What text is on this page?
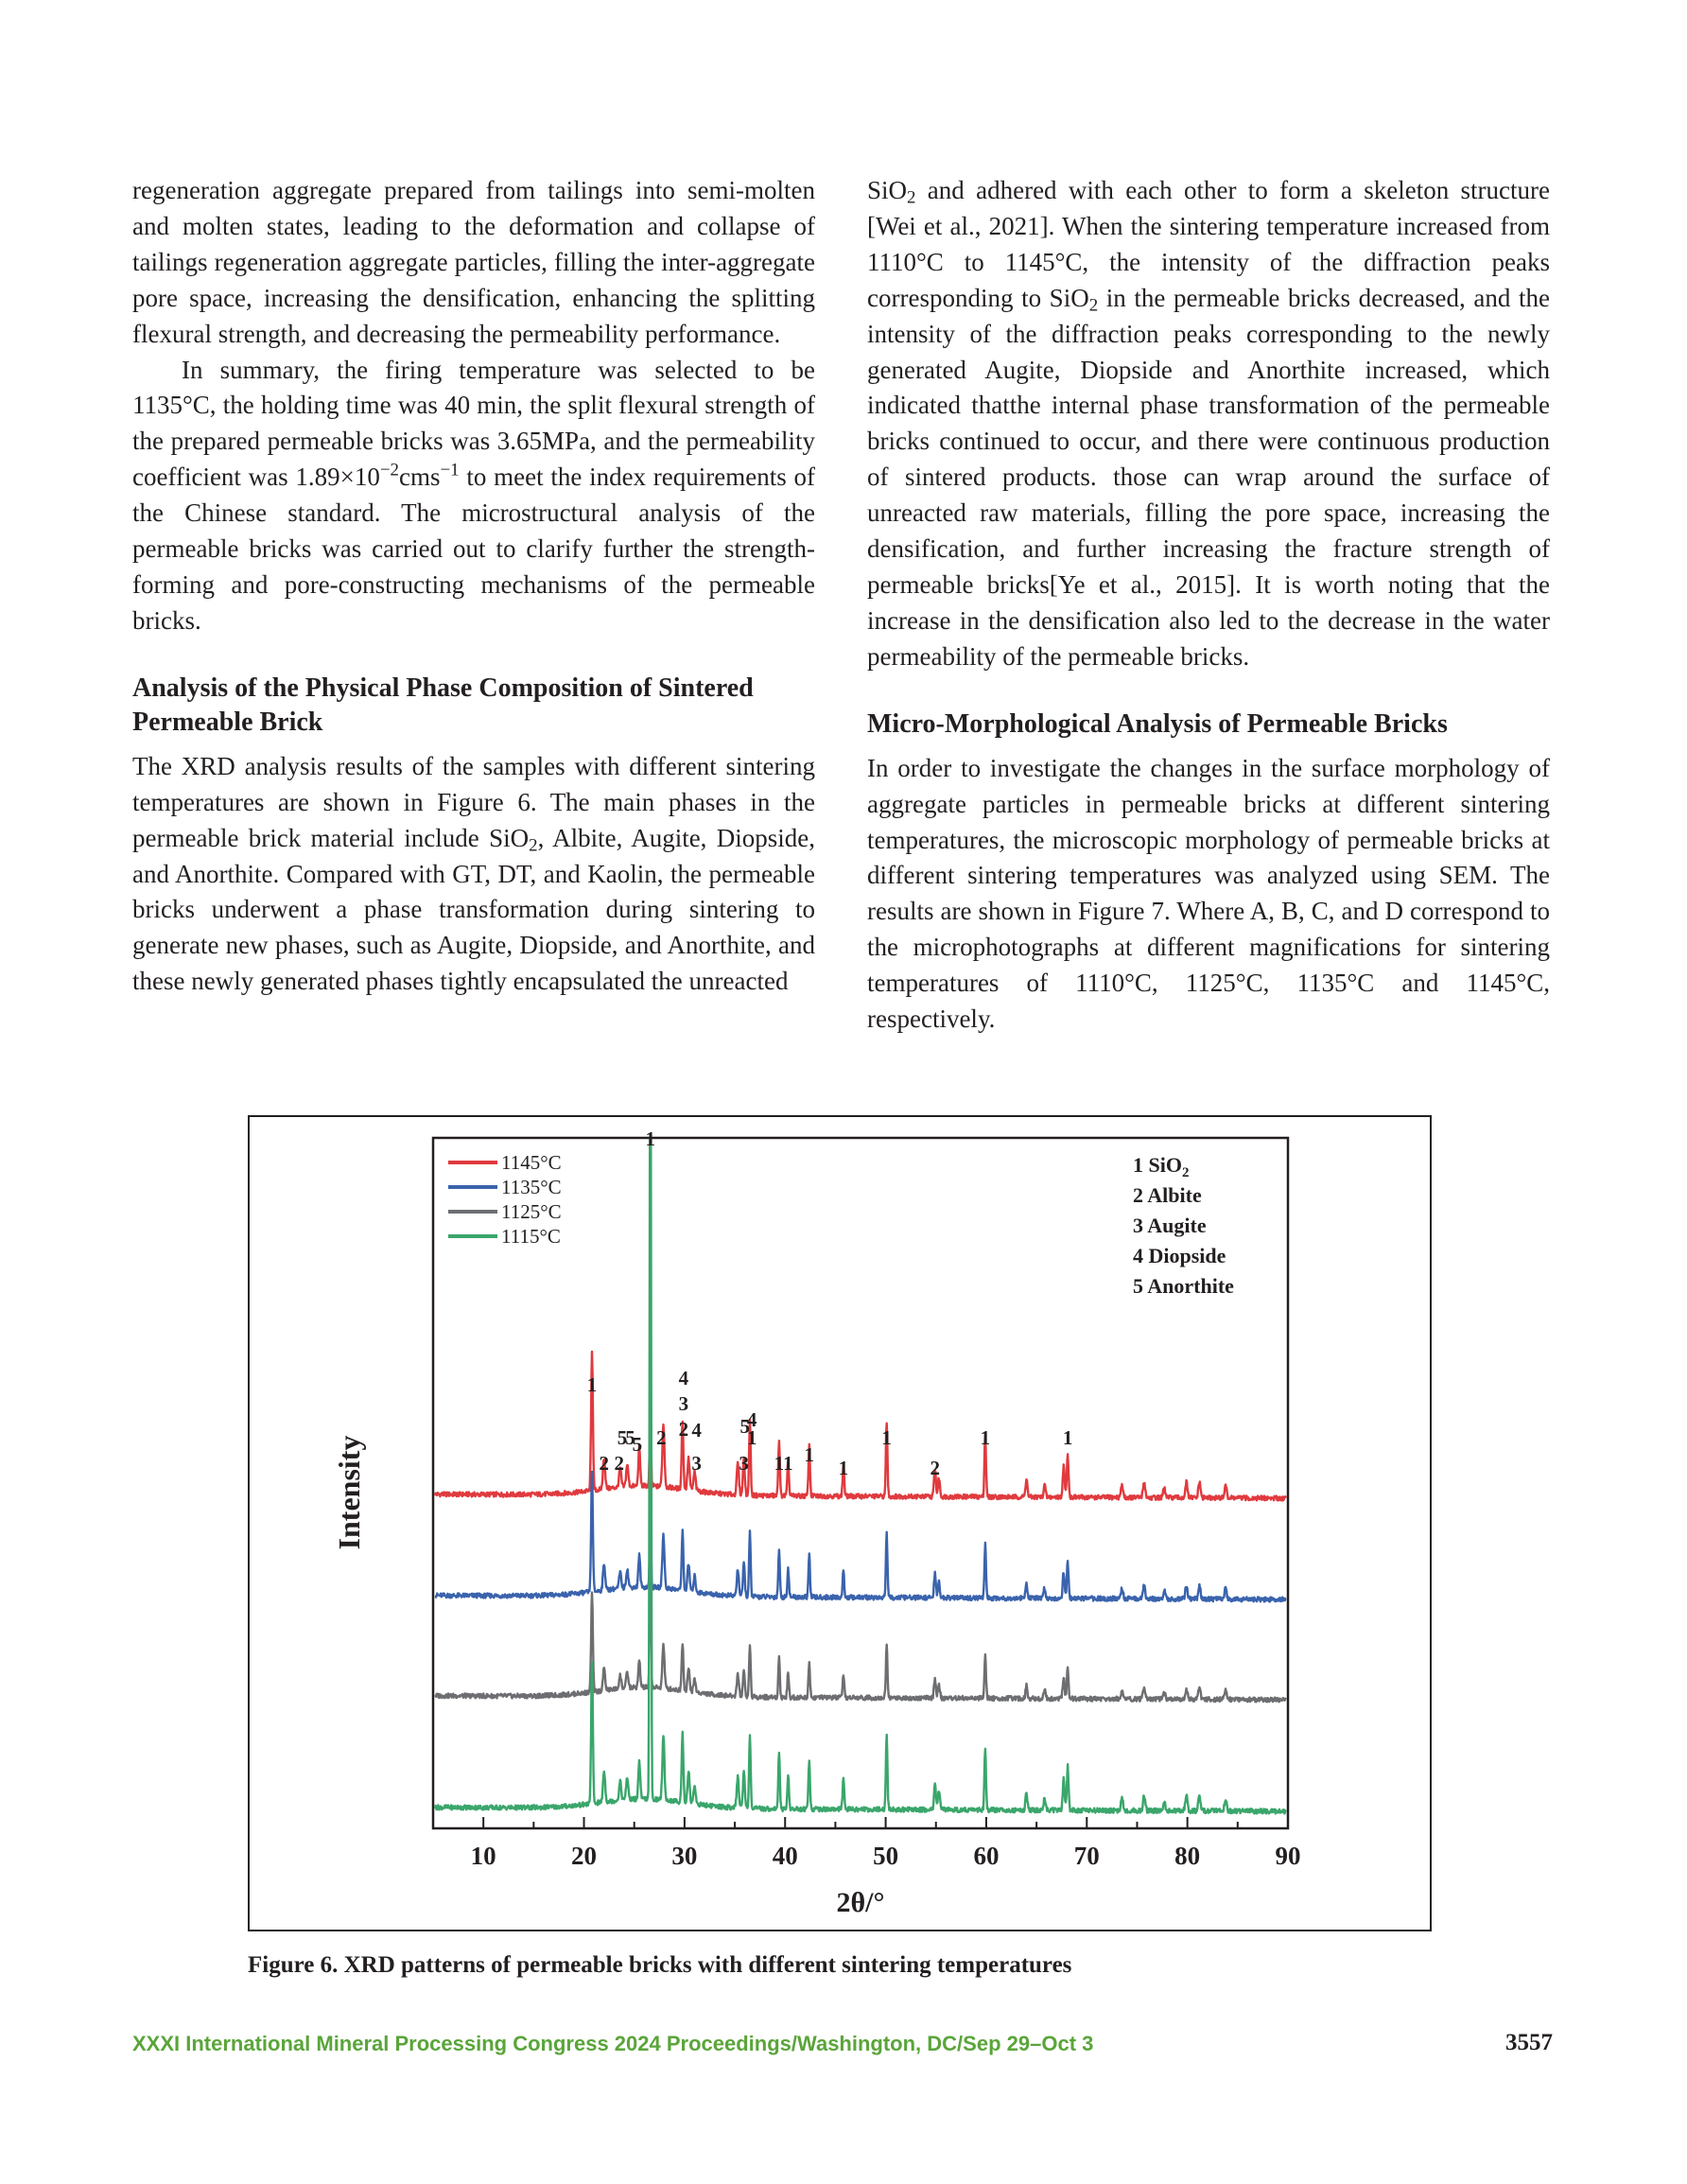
regeneration aggregate prepared from tailings into semi-molten and molten states, leading to the deformation and collapse of tailings regeneration aggregate particles, filling the inter-aggregate pore space, increasing the densification, enhancing the splitting flexural strength, and decreasing the permeability performance.

In summary, the firing temperature was selected to be 1135°C, the holding time was 40 min, the split flexural strength of the prepared permeable bricks was 3.65MPa, and the permeability coefficient was $1.89\times 10^{-2}cms^{-1}$ to meet the index requirements of the Chinese standard. The microstructural analysis of the permeable bricks was carried out to clarify further the strength-forming and pore-constructing mechanisms of the permeable bricks.

Analysis of the Physical Phase Composition of Sintered Permeable Brick

The XRD analysis results of the samples with different sintering temperatures are shown in Figure 6. The main phases in the permeable brick material include SiO$_2$, Albite, Augite, Diopside, and Anorthite. Compared with GT, DT, and Kaolin, the permeable bricks underwent a phase transformation during sintering to generate new phases, such as Augite, Diopside, and Anorthite, and these newly generated phases tightly encapsulated the unreacted

SiO$_2$ and adhered with each other to form a skeleton structure [Wei et al., 2021]. When the sintering temperature increased from 1110°C to 1145°C, the intensity of the diffraction peaks corresponding to SiO$_2$ in the permeable bricks decreased, and the intensity of the diffraction peaks corresponding to the newly generated Augite, Diopside and Anorthite increased, which indicated thatthe internal phase transformation of the permeable bricks continued to occur, and there were continuous production of sintered products. those can wrap around the surface of unreacted raw materials, filling the pore space, increasing the densification, and further increasing the fracture strength of permeable bricks[Ye et al., 2015]. It is worth noting that the increase in the densification also led to the decrease in the water permeability of the permeable bricks.

Micro-Morphological Analysis of Permeable Bricks

In order to investigate the changes in the surface morphology of aggregate particles in permeable bricks at different sintering temperatures, the microscopic morphology of permeable bricks at different sintering temperatures was analyzed using SEM. The results are shown in Figure 7. Where A, B, C, and D correspond to the microphotographs at different magnifications for sintering temperatures of 1110°C, 1125°C, 1135°C and 1145°C, respectively.

10	20	30	40	50	60	70	80	90
2θ/°
Intensity
1145°C
1135°C
1125°C
1115°C
1 SiO$_2$
2 Albite
3 Augite
4 Diopside
5 Anorthite
1
1
2
5
5
2
5 2
4
3
2 4
3
4
5
1
3 1 1 1
1
1
2
1	1
Figure 6. XRD patterns of permeable bricks with different sintering temperatures
XXXI International Mineral Processing Congress 2024 Proceedings/Washington, DC/Sep 29–Oct 3	3557
